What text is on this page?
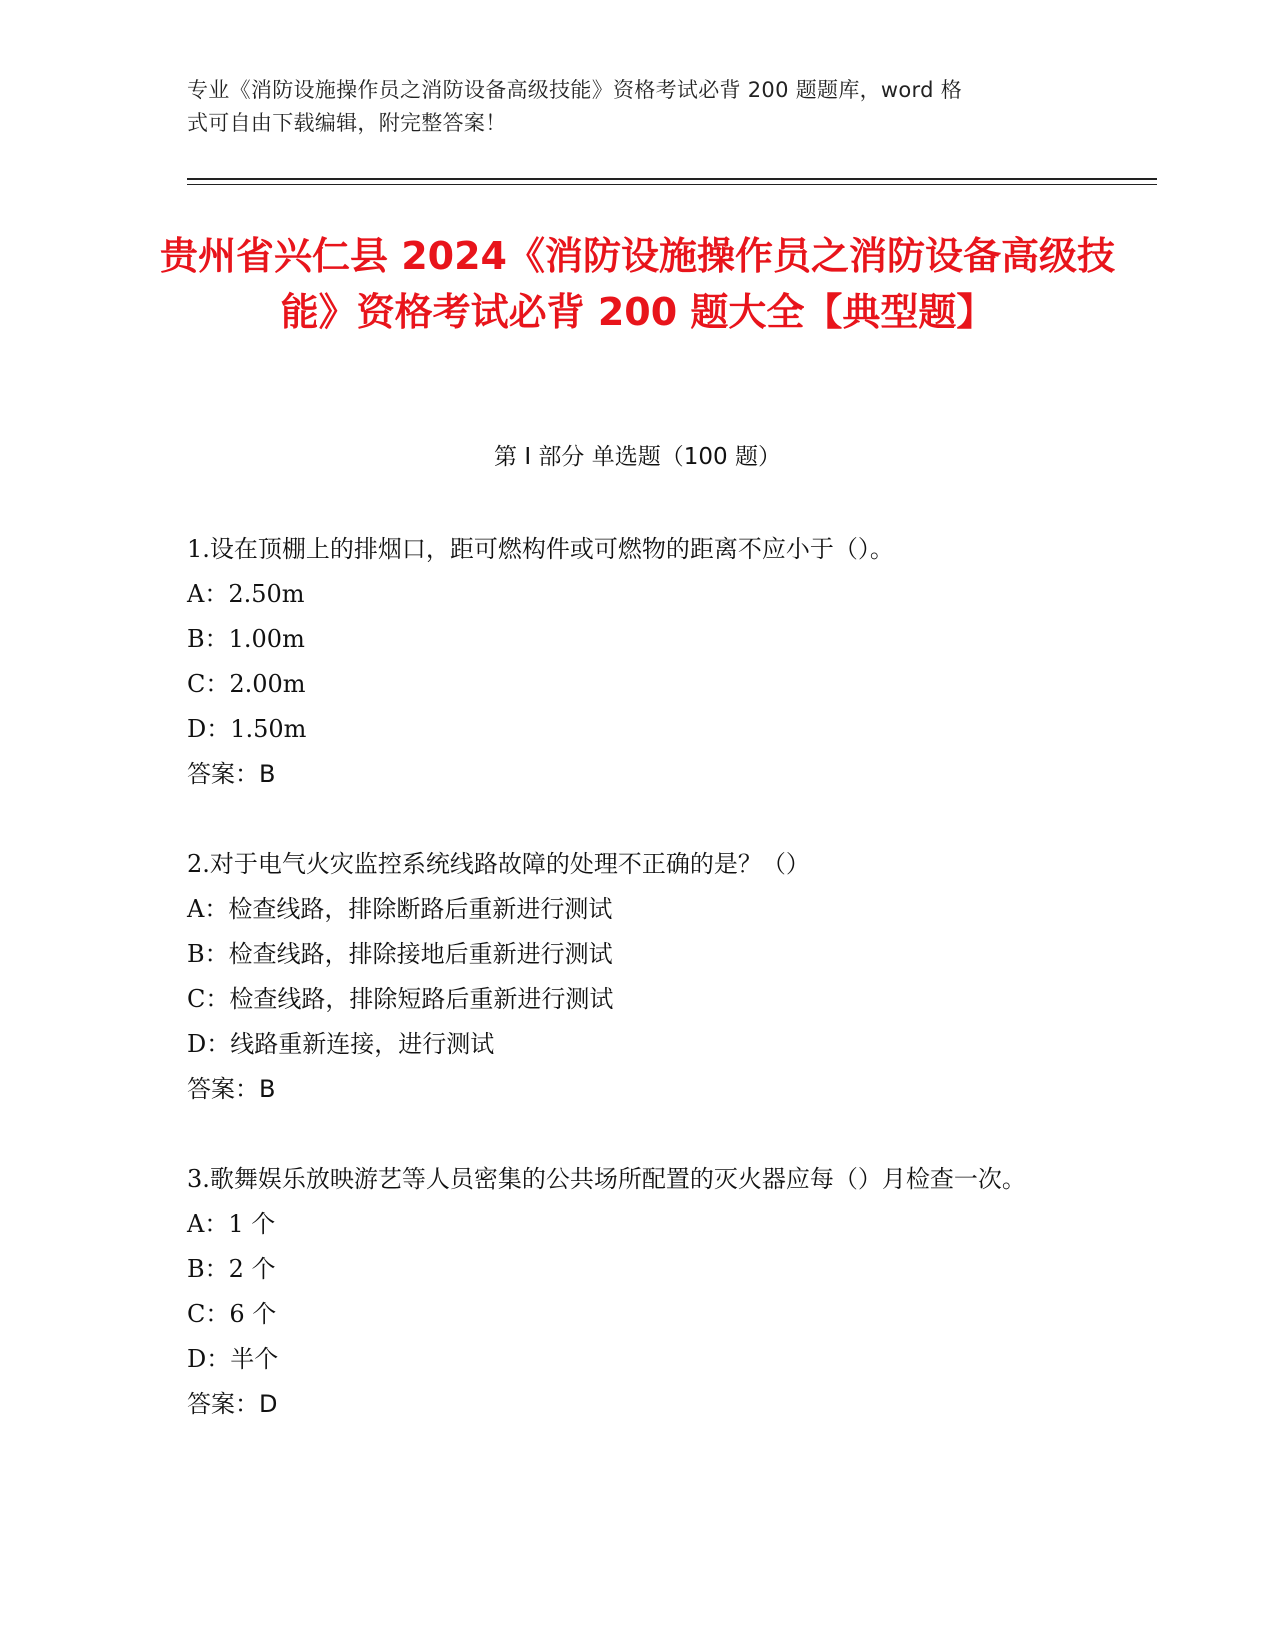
专业《消防设施操作员之消防设备高级技能》资格考试必背 200 题题库，word 格
式可自由下载编辑，附完整答案！
贵州省兴仁县 2024《消防设施操作员之消防设备高级技能》资格考试必背 200 题大全【典型题】
第 I 部分 单选题（100 题）
1.设在顶棚上的排烟口，距可燃构件或可燃物的距离不应小于（）。
A：2.50m
B：1.00m
C：2.00m
D：1.50m
答案：B
2.对于电气火灾监控系统线路故障的处理不正确的是？（）
A：检查线路，排除断路后重新进行测试
B：检查线路，排除接地后重新进行测试
C：检查线路，排除短路后重新进行测试
D：线路重新连接，进行测试
答案：B
3.歌舞娱乐放映游艺等人员密集的公共场所配置的灭火器应每（）月检查一次。
A：1 个
B：2 个
C：6 个
D：半个
答案：D
